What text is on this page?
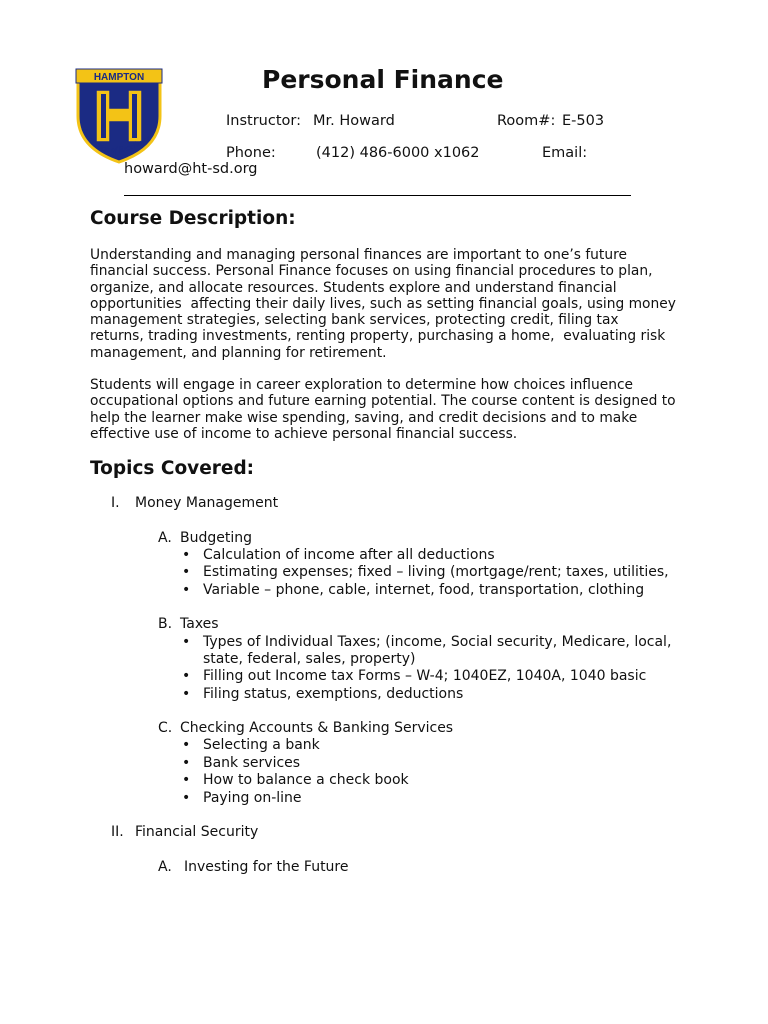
HAMPTON
A Tradition of Excellence
Personal Finance
Instructor: Mr. Howard	Room#: E-503
Phone:	(412) 486-6000 x1062	Email:
howard@ht-sd.org
Course Description:

Understanding and managing personal finances are important to one’s future

financial success. Personal Finance focuses on using financial procedures to plan,

organize, and allocate resources. Students explore and understand financial

opportunities  affecting their daily lives, such as setting financial goals, using money

management strategies, selecting bank services, protecting credit, filing tax

returns, trading investments, renting property, purchasing a home,  evaluating risk

management, and planning for retirement.

Students will engage in career exploration to determine how choices influence

occupational options and future earning potential. The course content is designed to

help the learner make wise spending, saving, and credit decisions and to make

effective use of income to achieve personal financial success.

Topics Covered:
I. Money Management
A. Budgeting
• Calculation of income after all deductions
• Estimating expenses; fixed – living (mortgage/rent; taxes, utilities,
• Variable – phone, cable, internet, food, transportation, clothing
B. Taxes
• Types of Individual Taxes; (income, Social security, Medicare, local,
state, federal, sales, property)
• Filling out Income tax Forms – W-4; 1040EZ, 1040A, 1040 basic
• Filing status, exemptions, deductions
C. Checking Accounts & Banking Services
• Selecting a bank
• Bank services
• How to balance a check book
• Paying on-line
II. Financial Security
A. Investing for the Future
